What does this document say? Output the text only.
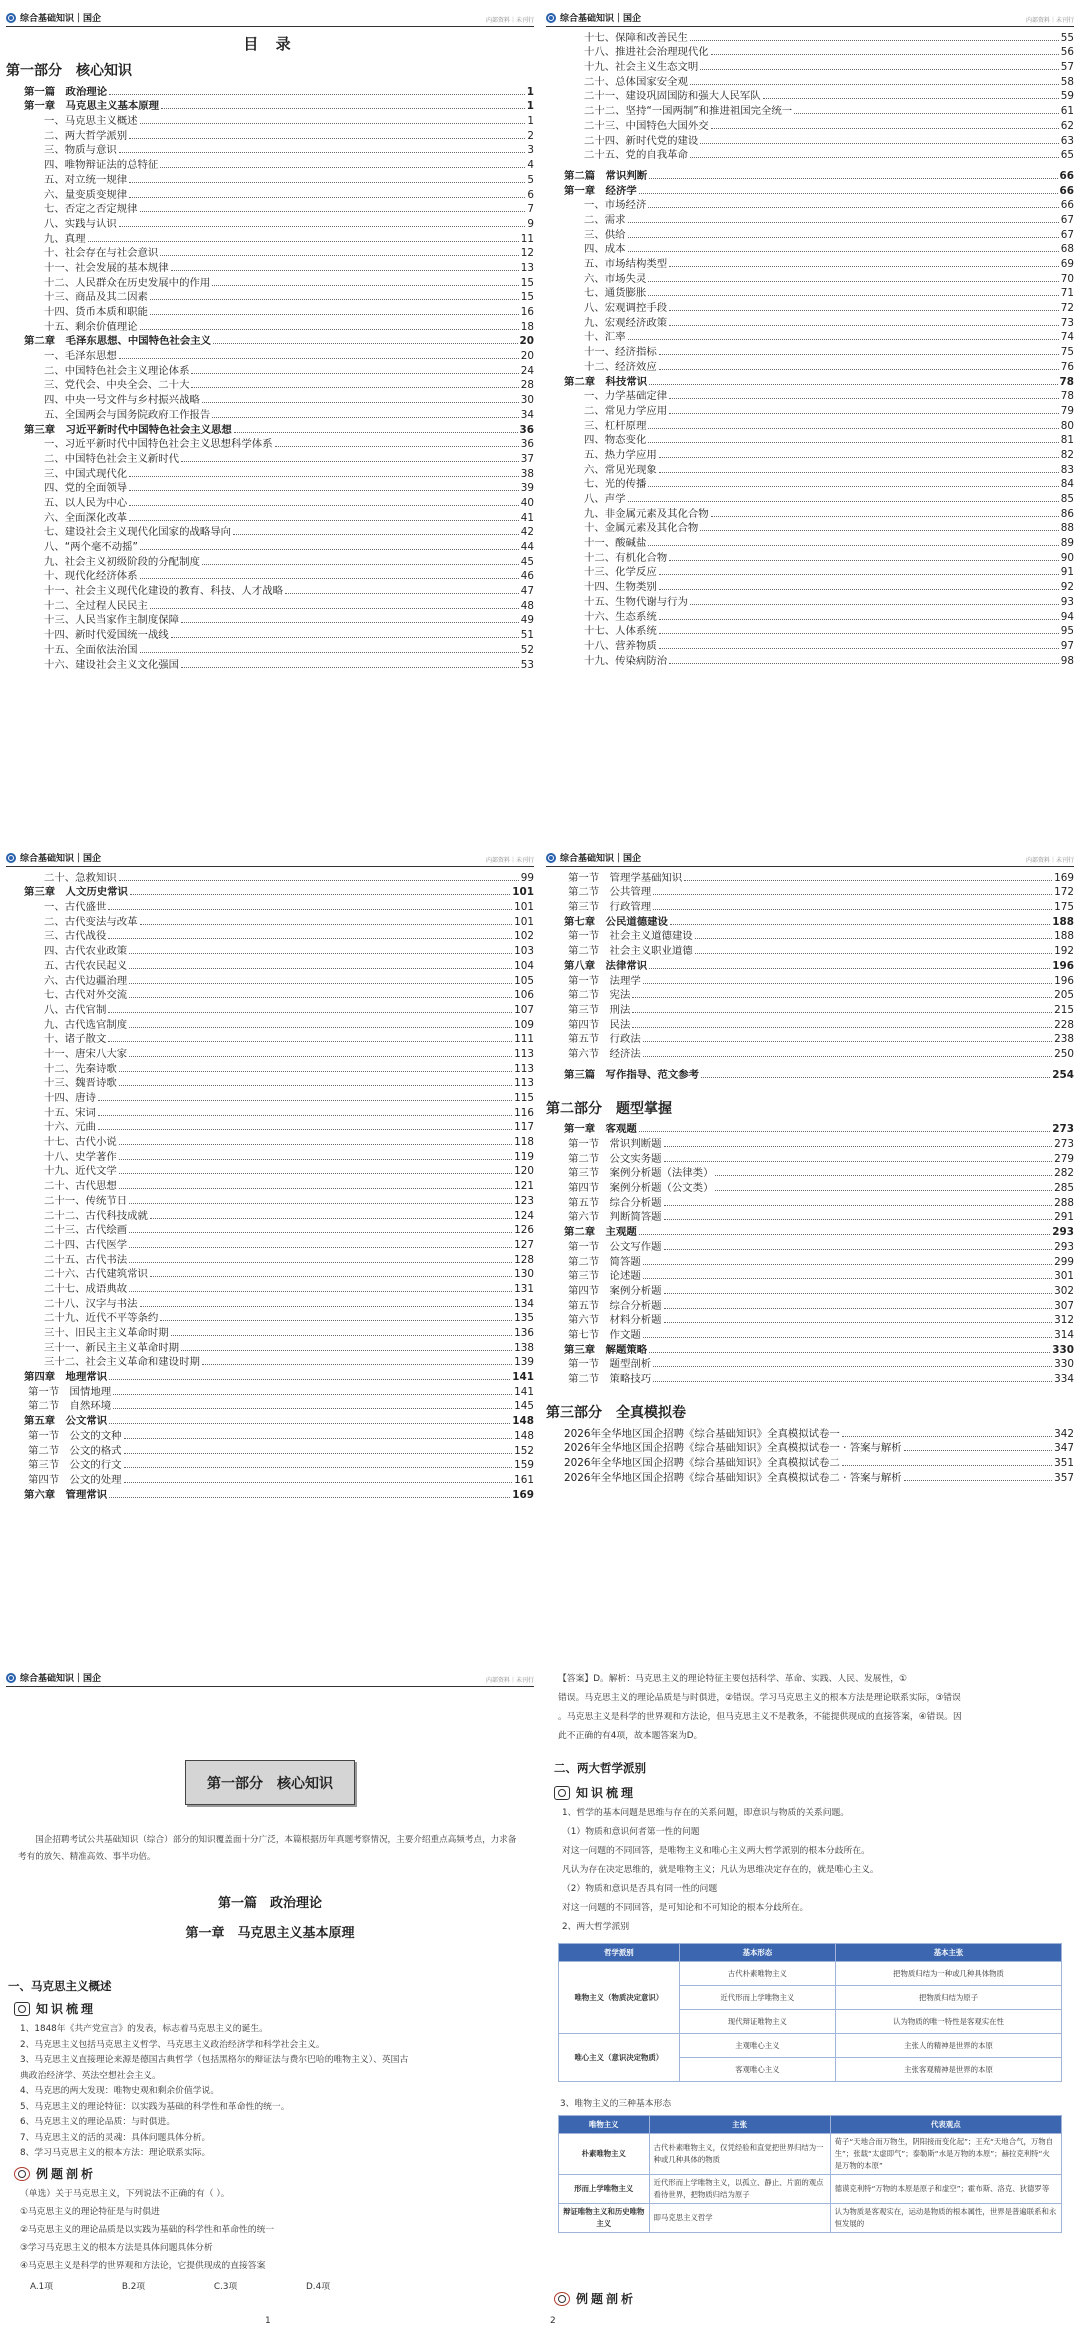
综合基础知识｜国企	内部资料｜未刊行
目 录
第一部分　核心知识
第一篇　政治理论	1
第一章　马克思主义基本原理	1
一、马克思主义概述	1
二、两大哲学派别	2
三、物质与意识	3
四、唯物辩证法的总特征	4
五、对立统一规律	5
六、量变质变规律	6
七、否定之否定规律	7
八、实践与认识	9
九、真理	11
十、社会存在与社会意识	12
十一、社会发展的基本规律	13
十二、人民群众在历史发展中的作用	15
十三、商品及其二因素	15
十四、货币本质和职能	16
十五、剩余价值理论	18
第二章　毛泽东思想、中国特色社会主义	20
一、毛泽东思想	20
二、中国特色社会主义理论体系	24
三、党代会、中央全会、二十大	28
四、中央一号文件与乡村振兴战略	30
五、全国两会与国务院政府工作报告	34
第三章　习近平新时代中国特色社会主义思想	36
一、习近平新时代中国特色社会主义思想科学体系	36
二、中国特色社会主义新时代	37
三、中国式现代化	38
四、党的全面领导	39
五、以人民为中心	40
六、全面深化改革	41
七、建设社会主义现代化国家的战略导向	42
八、“两个毫不动摇”	44
九、社会主义初级阶段的分配制度	45
十、现代化经济体系	46
十一、社会主义现代化建设的教育、科技、人才战略	47
十二、全过程人民民主	48
十三、人民当家作主制度保障	49
十四、新时代爱国统一战线	51
十五、全面依法治国	52
十六、建设社会主义文化强国	53
综合基础知识｜国企	内部资料｜未刊行
十七、保障和改善民生	55
十八、推进社会治理现代化	56
十九、社会主义生态文明	57
二十、总体国家安全观	58
二十一、建设巩固国防和强大人民军队	59
二十二、坚持“一国两制”和推进祖国完全统一	61
二十三、中国特色大国外交	62
二十四、新时代党的建设	63
二十五、党的自我革命	65
第二篇　常识判断	66
第一章　经济学	66
一、市场经济	66
二、需求	67
三、供给	67
四、成本	68
五、市场结构类型	69
六、市场失灵	70
七、通货膨胀	71
八、宏观调控手段	72
九、宏观经济政策	73
十、汇率	74
十一、经济指标	75
十二、经济效应	76
第二章　科技常识	78
一、力学基础定律	78
二、常见力学应用	79
三、杠杆原理	80
四、物态变化	81
五、热力学应用	82
六、常见光现象	83
七、光的传播	84
八、声学	85
九、非金属元素及其化合物	86
十、金属元素及其化合物	88
十一、酸碱盐	89
十二、有机化合物	90
十三、化学反应	91
十四、生物类别	92
十五、生物代谢与行为	93
十六、生态系统	94
十七、人体系统	95
十八、营养物质	97
十九、传染病防治	98
综合基础知识｜国企	内部资料｜未刊行
二十、急救知识	99
第三章　人文历史常识	101
一、古代盛世	101
二、古代变法与改革	101
三、古代战役	102
四、古代农业政策	103
五、古代农民起义	104
六、古代边疆治理	105
七、古代对外交流	106
八、古代官制	107
九、古代选官制度	109
十、诸子散文	111
十一、唐宋八大家	113
十二、先秦诗歌	113
十三、魏晋诗歌	113
十四、唐诗	115
十五、宋词	116
十六、元曲	117
十七、古代小说	118
十八、史学著作	119
十九、近代文学	120
二十、古代思想	121
二十一、传统节日	123
二十二、古代科技成就	124
二十三、古代绘画	126
二十四、古代医学	127
二十五、古代书法	128
二十六、古代建筑常识	130
二十七、成语典故	131
二十八、汉字与书法	134
二十九、近代不平等条约	135
三十、旧民主主义革命时期	136
三十一、新民主主义革命时期	138
三十二、社会主义革命和建设时期	139
第四章　地理常识	141
第一节　国情地理	141
第二节　自然环境	145
第五章　公文常识	148
第一节　公文的文种	148
第二节　公文的格式	152
第三节　公文的行文	159
第四节　公文的处理	161
第六章　管理常识	169
综合基础知识｜国企	内部资料｜未刊行
第一节　管理学基础知识	169
第二节　公共管理	172
第三节　行政管理	175
第七章　公民道德建设	188
第一节　社会主义道德建设	188
第二节　社会主义职业道德	192
第八章　法律常识	196
第一节　法理学	196
第二节　宪法	205
第三节　刑法	215
第四节　民法	228
第五节　行政法	238
第六节　经济法	250
第三篇　写作指导、范文参考	254
第二部分　题型掌握
第一章　客观题	273
第一节　常识判断题	273
第二节　公文实务题	279
第三节　案例分析题（法律类）	282
第四节　案例分析题（公文类）	285
第五节　综合分析题	288
第六节　判断简答题	291
第二章　主观题	293
第一节　公文写作题	293
第二节　简答题	299
第三节　论述题	301
第四节　案例分析题	302
第五节　综合分析题	307
第六节　材料分析题	312
第七节　作文题	314
第三章　解题策略	330
第一节　题型剖析	330
第二节　策略技巧	334
第三部分　全真模拟卷
2026年全华地区国企招聘《综合基础知识》全真模拟试卷一	342
2026年全华地区国企招聘《综合基础知识》全真模拟试卷一 · 答案与解析	347
2026年全华地区国企招聘《综合基础知识》全真模拟试卷二	351
2026年全华地区国企招聘《综合基础知识》全真模拟试卷二 · 答案与解析	357
综合基础知识｜国企	内部资料｜未刊行
第一部分　核心知识
国企招聘考试公共基础知识（综合）部分的知识覆盖面十分广泛，本篇根据历年真题考察情况，主要介绍重点高频考点，力求备考有的放矢、精准高效、事半功倍。
第一篇　政治理论
第一章　马克思主义基本原理
一、马克思主义概述
知识梳理
1、1848年《共产党宣言》的发表，标志着马克思主义的诞生。
2、马克思主义包括马克思主义哲学、马克思主义政治经济学和科学社会主义。
3、马克思主义直接理论来源是德国古典哲学（包括黑格尔的辩证法与费尔巴哈的唯物主义）、英国古
典政治经济学、英法空想社会主义。
4、马克思的两大发现：唯物史观和剩余价值学说。
5、马克思主义的理论特征：以实践为基础的科学性和革命性的统一。
6、马克思主义的理论品质：与时俱进。
7、马克思主义的活的灵魂：具体问题具体分析。
8、学习马克思主义的根本方法：理论联系实际。
例题剖析
（单选）关于马克思主义，下列说法不正确的有（ ）。
①马克思主义的理论特征是与时俱进
②马克思主义的理论品质是以实践为基础的科学性和革命性的统一
③学习马克思主义的根本方法是具体问题具体分析
④马克思主义是科学的世界观和方法论，它提供现成的直接答案
A.1项	B.2项	C.3项	D.4项
1
【答案】D。解析：马克思主义的理论特征主要包括科学、革命、实践、人民、发展性，①
错误。马克思主义的理论品质是与时俱进，②错误。学习马克思主义的根本方法是理论联系实际，③错误
。马克思主义是科学的世界观和方法论，但马克思主义不是教条，不能提供现成的直接答案，④错误。因
此不正确的有4项，故本题答案为D。
二、两大哲学派别
知识梳理
1、哲学的基本问题是思维与存在的关系问题，即意识与物质的关系问题。
（1）物质和意识何者第一性的问题
对这一问题的不同回答，是唯物主义和唯心主义两大哲学派别的根本分歧所在。
凡认为存在决定思维的，就是唯物主义；凡认为思维决定存在的，就是唯心主义。
（2）物质和意识是否具有同一性的问题
对这一问题的不同回答，是可知论和不可知论的根本分歧所在。
2、两大哲学派别
哲学派别	基本形态	基本主张
唯物主义（物质决定意识）	古代朴素唯物主义	把物质归结为一种或几种具体物质
	近代形而上学唯物主义	把物质归结为原子
	现代辩证唯物主义	认为物质的唯一特性是客观实在性
唯心主义（意识决定物质）	主观唯心主义	主张人的精神是世界的本原
	客观唯心主义	主张客观精神是世界的本原
3、唯物主义的三种基本形态
唯物主义	主张	代表观点
朴素唯物主义	古代朴素唯物主义，仅凭经验和直觉把世界归结为一种或几种具体的物质	荀子“天地合而万物生，阴阳接而变化起”；王充“天地合气，万物自生”；张载“太虚即气”；泰勒斯“水是万物的本原”；赫拉克利特“火是万物的本原”
形而上学唯物主义	近代形而上学唯物主义，以孤立、静止、片面的观点看待世界，把物质归结为原子	德谟克利特“万物的本原是原子和虚空”；霍布斯、洛克、狄德罗等
辩证唯物主义和历史唯物主义	即马克思主义哲学	认为物质是客观实在，运动是物质的根本属性，世界是普遍联系和永恒发展的
例题剖析
2
